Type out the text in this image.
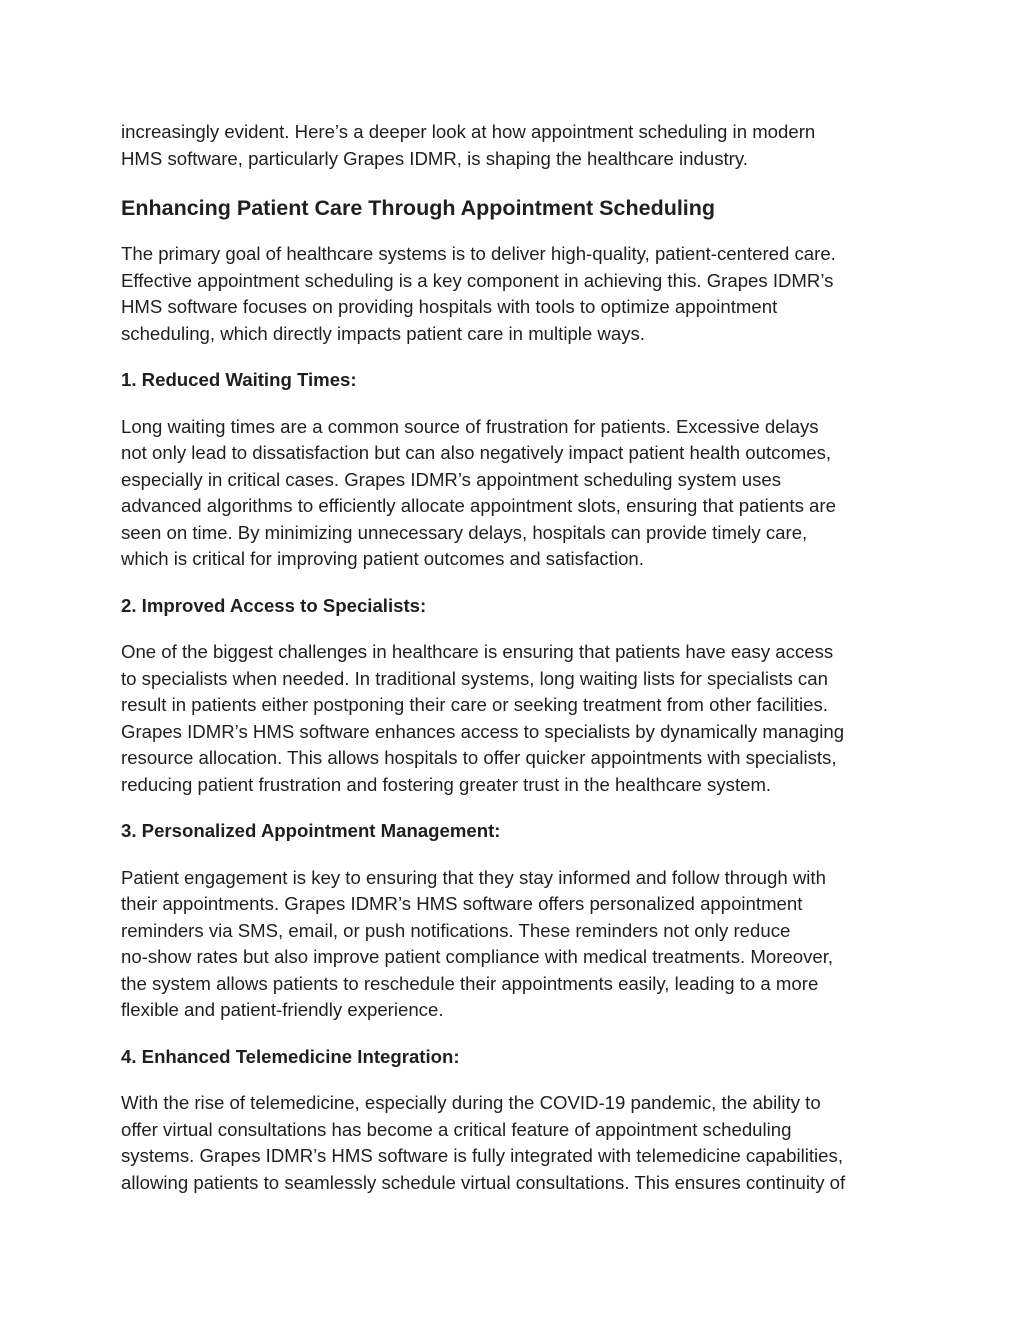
increasingly evident. Here’s a deeper look at how appointment scheduling in modern
HMS software, particularly Grapes IDMR, is shaping the healthcare industry.

Enhancing Patient Care Through Appointment Scheduling

The primary goal of healthcare systems is to deliver high-quality, patient-centered care.
Effective appointment scheduling is a key component in achieving this. Grapes IDMR’s
HMS software focuses on providing hospitals with tools to optimize appointment
scheduling, which directly impacts patient care in multiple ways.

1. Reduced Waiting Times:

Long waiting times are a common source of frustration for patients. Excessive delays
not only lead to dissatisfaction but can also negatively impact patient health outcomes,
especially in critical cases. Grapes IDMR’s appointment scheduling system uses
advanced algorithms to efficiently allocate appointment slots, ensuring that patients are
seen on time. By minimizing unnecessary delays, hospitals can provide timely care,
which is critical for improving patient outcomes and satisfaction.

2. Improved Access to Specialists:

One of the biggest challenges in healthcare is ensuring that patients have easy access
to specialists when needed. In traditional systems, long waiting lists for specialists can
result in patients either postponing their care or seeking treatment from other facilities.
Grapes IDMR’s HMS software enhances access to specialists by dynamically managing
resource allocation. This allows hospitals to offer quicker appointments with specialists,
reducing patient frustration and fostering greater trust in the healthcare system.

3. Personalized Appointment Management:

Patient engagement is key to ensuring that they stay informed and follow through with
their appointments. Grapes IDMR’s HMS software offers personalized appointment
reminders via SMS, email, or push notifications. These reminders not only reduce
no-show rates but also improve patient compliance with medical treatments. Moreover,
the system allows patients to reschedule their appointments easily, leading to a more
flexible and patient-friendly experience.

4. Enhanced Telemedicine Integration:

With the rise of telemedicine, especially during the COVID-19 pandemic, the ability to
offer virtual consultations has become a critical feature of appointment scheduling
systems. Grapes IDMR’s HMS software is fully integrated with telemedicine capabilities,
allowing patients to seamlessly schedule virtual consultations. This ensures continuity of
